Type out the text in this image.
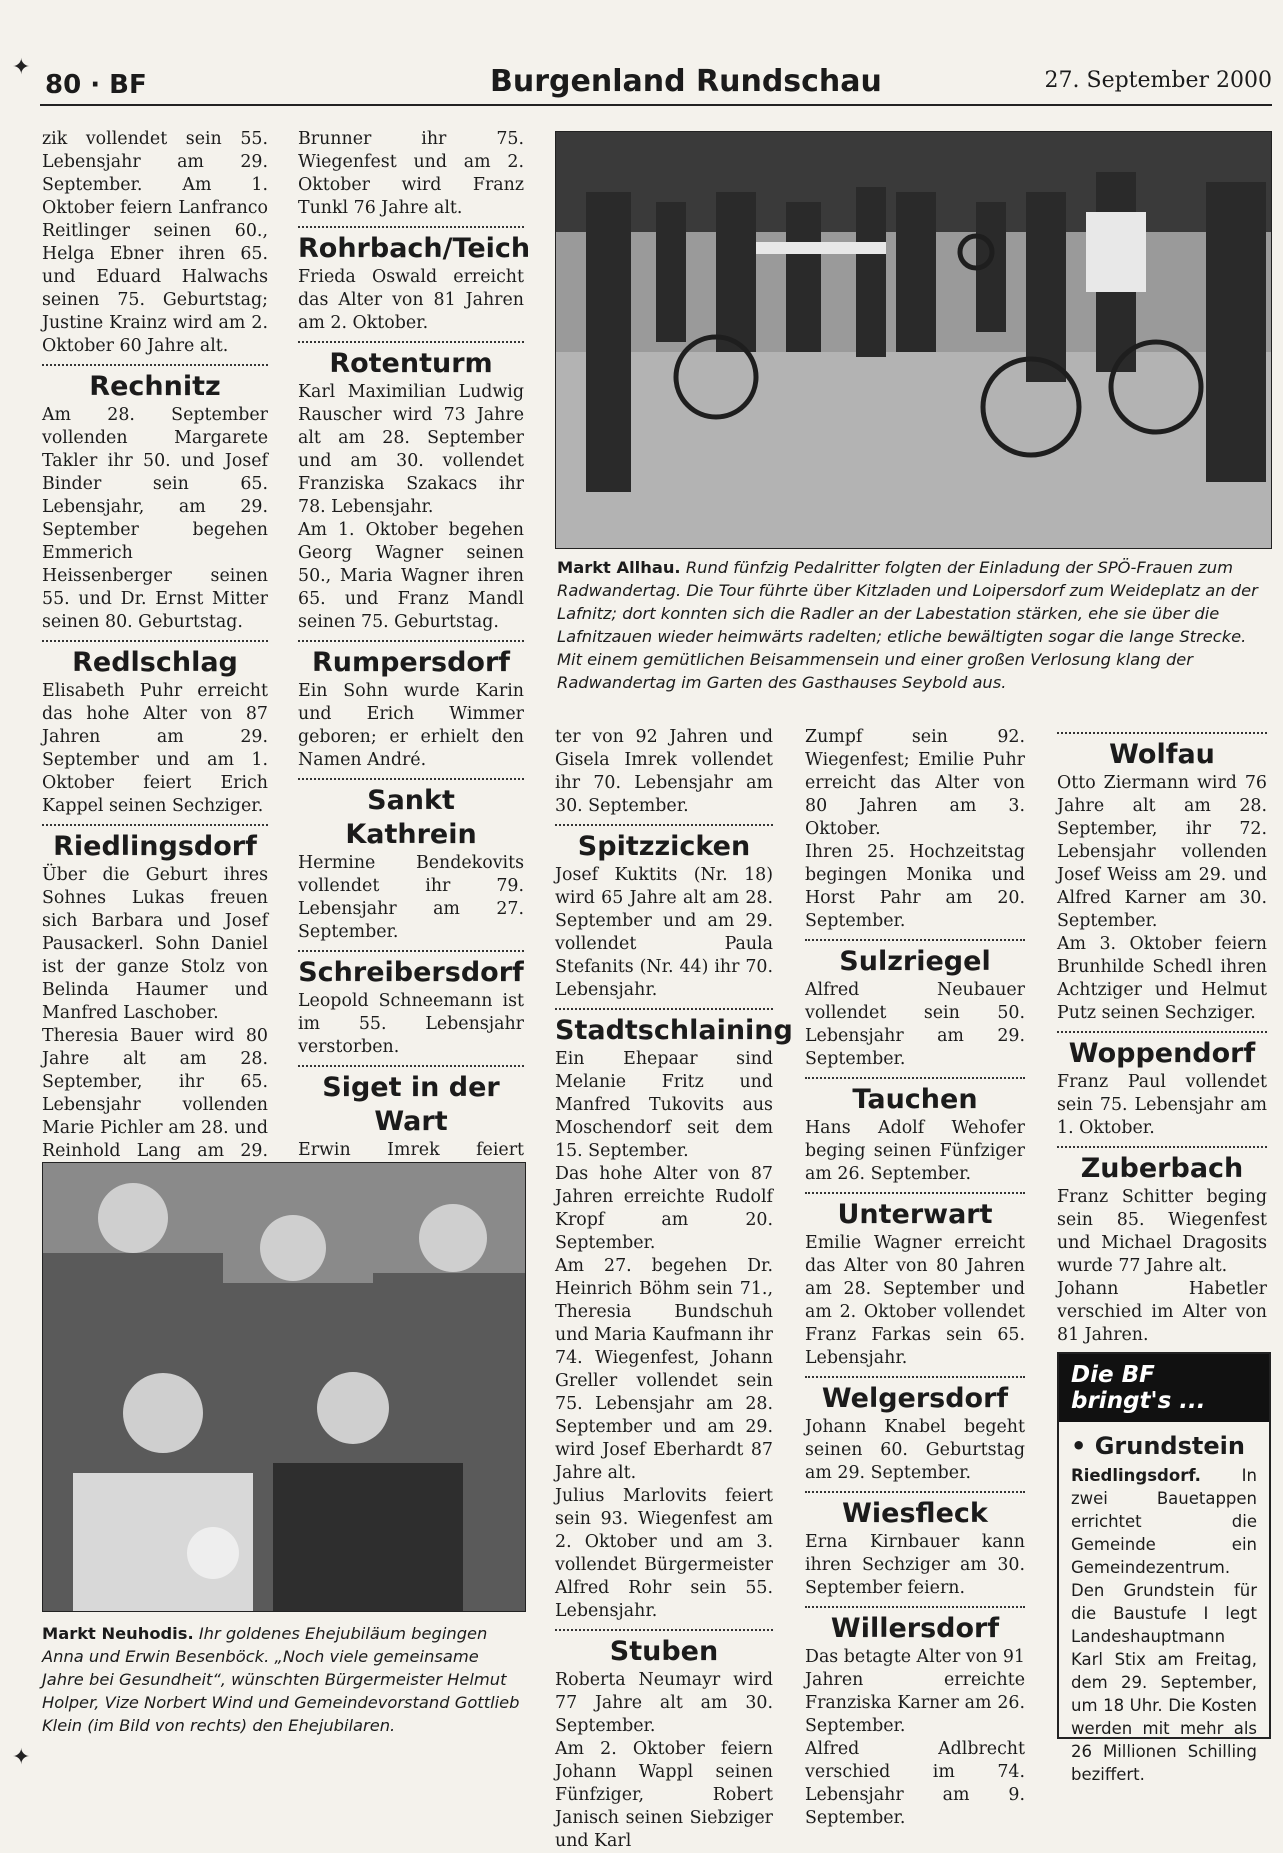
80 · BF	Burgenland Rundschau	27. September 2000

zik vollendet sein 55. Lebensjahr am 29. September. Am 1. Oktober feiern Lanfranco Reitlinger seinen 60., Helga Ebner ihren 65. und Eduard Halwachs seinen 75. Geburtstag; Justine Krainz wird am 2. Oktober 60 Jahre alt.

Rechnitz

Am 28. September vollenden Margarete Takler ihr 50. und Josef Binder sein 65. Lebensjahr, am 29. September begehen Emmerich Heissenberger seinen 55. und Dr. Ernst Mitter seinen 80. Geburtstag.

Redlschlag

Elisabeth Puhr erreicht das hohe Alter von 87 Jahren am 29. September und am 1. Oktober feiert Erich Kappel seinen Sechziger.

Riedlingsdorf

Über die Geburt ihres Sohnes Lukas freuen sich Barbara und Josef Pausackerl. Sohn Daniel ist der ganze Stolz von Belinda Haumer und Manfred Laschober.

Theresia Bauer wird 80 Jahre alt am 28. September, ihr 65. Lebensjahr vollenden Marie Pichler am 28. und Reinhold Lang am 29.

Brunner ihr 75. Wiegenfest und am 2. Oktober wird Franz Tunkl 76 Jahre alt.

Rohrbach/Teich

Frieda Oswald erreicht das Alter von 81 Jahren am 2. Oktober.

Rotenturm

Karl Maximilian Ludwig Rauscher wird 73 Jahre alt am 28. September und am 30. vollendet Franziska Szakacs ihr 78. Lebensjahr.

Am 1. Oktober begehen Georg Wagner seinen 50., Maria Wagner ihren 65. und Franz Mandl seinen 75. Geburtstag.

Rumpersdorf

Ein Sohn wurde Karin und Erich Wimmer geboren; er erhielt den Namen André.

Sankt Kathrein

Hermine Bendekovits vollendet ihr 79. Lebensjahr am 27. September.

Schreibersdorf

Leopold Schneemann ist im 55. Lebensjahr verstorben.

Siget in der Wart

Erwin Imrek feiert

Markt Allhau. Rund fünfzig Pedalritter folgten der Einladung der SPÖ-Frauen zum Radwandertag. Die Tour führte über Kitzladen und Loipersdorf zum Weideplatz an der Lafnitz; dort konnten sich die Radler an der Labestation stärken, ehe sie über die Lafnitzauen wieder heimwärts radelten; etliche bewältigten sogar die lange Strecke. Mit einem gemütlichen Beisammensein und einer großen Verlosung klang der Radwandertag im Garten des Gasthauses Seybold aus.
Markt Neuhodis. Ihr goldenes Ehejubiläum begingen Anna und Erwin Besenböck. „Noch viele gemeinsame Jahre bei Gesundheit“, wünschten Bürgermeister Helmut Holper, Vize Norbert Wind und Gemeindevorstand Gottlieb Klein (im Bild von rechts) den Ehejubilaren.

ter von 92 Jahren und Gisela Imrek vollendet ihr 70. Lebensjahr am 30. September.

Spitzzicken

Josef Kuktits (Nr. 18) wird 65 Jahre alt am 28. September und am 29. vollendet Paula Stefanits (Nr. 44) ihr 70. Lebensjahr.

Stadtschlaining

Ein Ehepaar sind Melanie Fritz und Manfred Tukovits aus Moschendorf seit dem 15. September.

Das hohe Alter von 87 Jahren erreichte Rudolf Kropf am 20. September.

Am 27. begehen Dr. Heinrich Böhm sein 71., Theresia Bundschuh und Maria Kaufmann ihr 74. Wiegenfest, Johann Greller vollendet sein 75. Lebensjahr am 28. September und am 29. wird Josef Eberhardt 87 Jahre alt.

Julius Marlovits feiert sein 93. Wiegenfest am 2. Oktober und am 3. vollendet Bürgermeister Alfred Rohr sein 55. Lebensjahr.

Stuben

Roberta Neumayr wird 77 Jahre alt am 30. September.

Am 2. Oktober feiern Johann Wappl seinen Fünfziger, Robert Janisch seinen Siebziger und Karl

Zumpf sein 92. Wiegenfest; Emilie Puhr erreicht das Alter von 80 Jahren am 3. Oktober.

Ihren 25. Hochzeitstag begingen Monika und Horst Pahr am 20. September.

Sulzriegel

Alfred Neubauer vollendet sein 50. Lebensjahr am 29. September.

Tauchen

Hans Adolf Wehofer beging seinen Fünfziger am 26. September.

Unterwart

Emilie Wagner erreicht das Alter von 80 Jahren am 28. September und am 2. Oktober vollendet Franz Farkas sein 65. Lebensjahr.

Welgersdorf

Johann Knabel begeht seinen 60. Geburtstag am 29. September.

Wiesfleck

Erna Kirnbauer kann ihren Sechziger am 30. September feiern.

Willersdorf

Das betagte Alter von 91 Jahren erreichte Franziska Karner am 26. September.

Alfred Adlbrecht verschied im 74. Lebensjahr am 9. September.

Wolfau

Otto Ziermann wird 76 Jahre alt am 28. September, ihr 72. Lebensjahr vollenden Josef Weiss am 29. und Alfred Karner am 30. September.

Am 3. Oktober feiern Brunhilde Schedl ihren Achtziger und Helmut Putz seinen Sechziger.

Woppendorf

Franz Paul vollendet sein 75. Lebensjahr am 1. Oktober.

Zuberbach

Franz Schitter beging sein 85. Wiegenfest und Michael Dragosits wurde 77 Jahre alt.

Johann Habetler verschied im Alter von 81 Jahren.

Die BF bringt's ...
• Grundstein

Riedlingsdorf. In zwei Bauetappen errichtet die Gemeinde ein Gemeindezentrum. Den Grundstein für die Baustufe I legt Landeshauptmann Karl Stix am Freitag, dem 29. September, um 18 Uhr. Die Kosten werden mit mehr als 26 Millionen Schilling beziffert.

✦
✦
